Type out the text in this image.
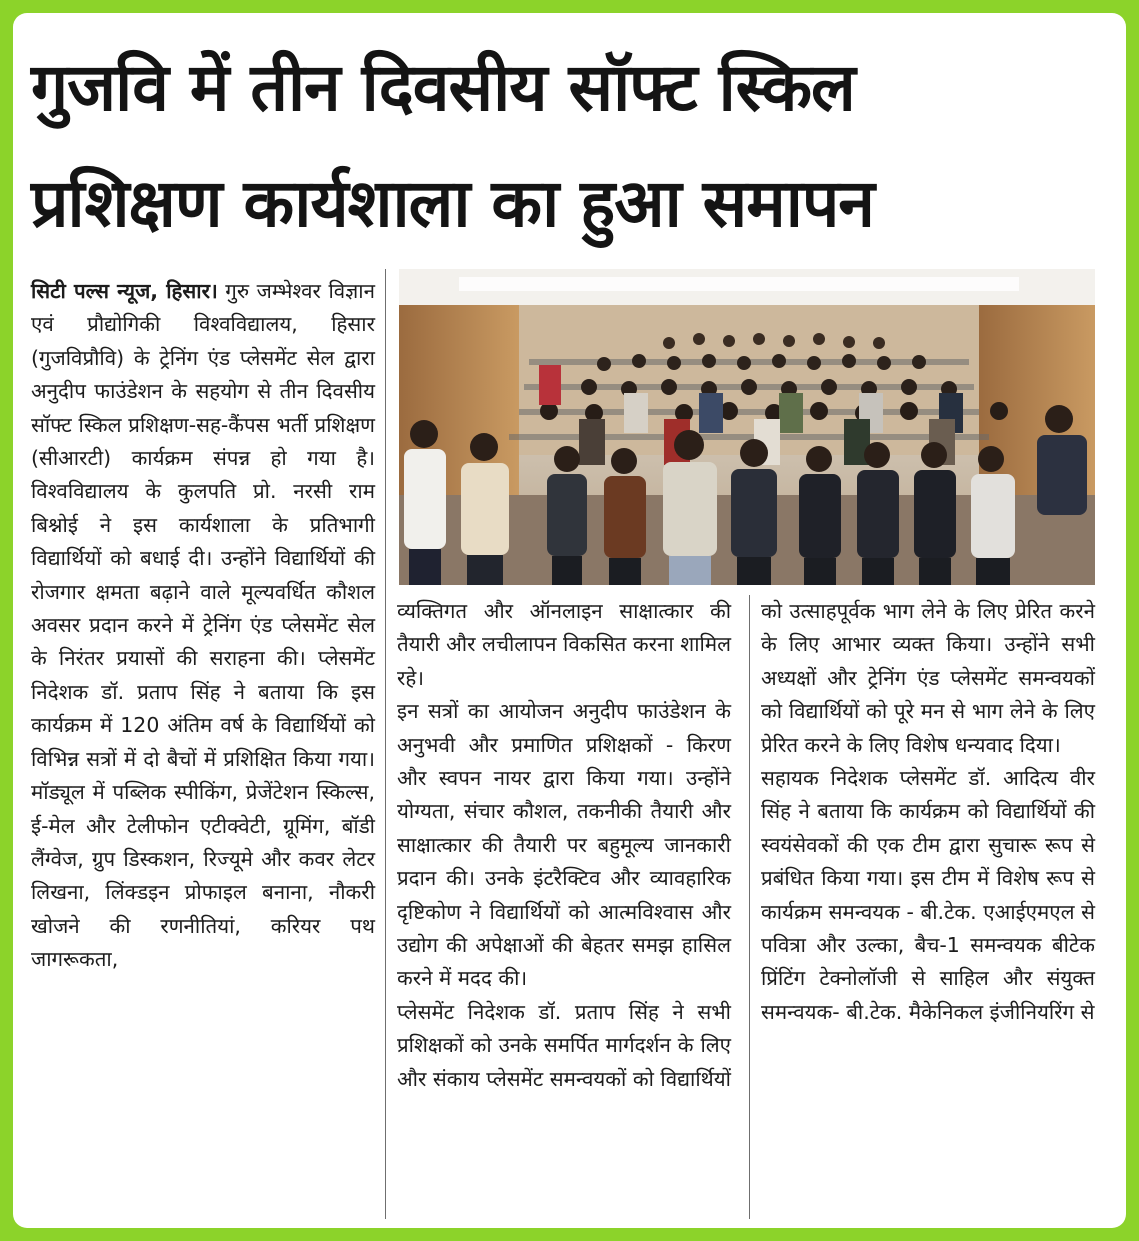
गुजवि में तीन दिवसीय सॉफ्ट स्किल
प्रशिक्षण कार्यशाला का हुआ समापन

सिटी पल्स न्यूज, हिसार। गुरु जम्भेश्वर विज्ञान एवं प्रौद्योगिकी विश्वविद्यालय, हिसार (गुजविप्रौवि) के ट्रेनिंग एंड प्लेसमेंट सेल द्वारा अनुदीप फाउंडेशन के सहयोग से तीन दिवसीय सॉफ्ट स्किल प्रशिक्षण-सह-कैंपस भर्ती प्रशिक्षण (सीआरटी) कार्यक्रम संपन्न हो गया है। विश्वविद्यालय के कुलपति प्रो. नरसी राम बिश्नोई ने इस कार्यशाला के प्रतिभागी विद्यार्थियों को बधाई दी। उन्होंने विद्यार्थियों की रोजगार क्षमता बढ़ाने वाले मूल्यवर्धित कौशल अवसर प्रदान करने में ट्रेनिंग एंड प्लेसमेंट सेल के निरंतर प्रयासों की सराहना की। प्लेसमेंट निदेशक डॉ. प्रताप सिंह ने बताया कि इस कार्यक्रम में 120 अंतिम वर्ष के विद्यार्थियों को विभिन्न सत्रों में दो बैचों में प्रशिक्षित किया गया। मॉड्यूल में पब्लिक स्पीकिंग, प्रेजेंटेशन स्किल्स, ई-मेल और टेलीफोन एटीक्वेटी, ग्रूमिंग, बॉडी लैंग्वेज, ग्रुप डिस्कशन, रिज्यूमे और कवर लेटर लिखना, लिंक्डइन प्रोफाइल बनाना, नौकरी खोजने की रणनीतियां, करियर पथ जागरूकता,

व्यक्तिगत और ऑनलाइन साक्षात्कार की तैयारी और लचीलापन विकसित करना शामिल रहे।

इन सत्रों का आयोजन अनुदीप फाउंडेशन के अनुभवी और प्रमाणित प्रशिक्षकों - किरण और स्वपन नायर द्वारा किया गया। उन्होंने योग्यता, संचार कौशल, तकनीकी तैयारी और साक्षात्कार की तैयारी पर बहुमूल्य जानकारी प्रदान की। उनके इंटरैक्टिव और व्यावहारिक दृष्टिकोण ने विद्यार्थियों को आत्मविश्वास और उद्योग की अपेक्षाओं की बेहतर समझ हासिल करने में मदद की।

प्लेसमेंट निदेशक डॉ. प्रताप सिंह ने सभी प्रशिक्षकों को उनके समर्पित मार्गदर्शन के लिए और संकाय प्लेसमेंट समन्वयकों को विद्यार्थियों

को उत्साहपूर्वक भाग लेने के लिए प्रेरित करने के लिए आभार व्यक्त किया। उन्होंने सभी अध्यक्षों और ट्रेनिंग एंड प्लेसमेंट समन्वयकों को विद्यार्थियों को पूरे मन से भाग लेने के लिए प्रेरित करने के लिए विशेष धन्यवाद दिया।

सहायक निदेशक प्लेसमेंट डॉ. आदित्य वीर सिंह ने बताया कि कार्यक्रम को विद्यार्थियों की स्वयंसेवकों की एक टीम द्वारा सुचारू रूप से प्रबंधित किया गया। इस टीम में विशेष रूप से कार्यक्रम समन्वयक - बी.टेक. एआईएमएल से पवित्रा और उल्का, बैच-1 समन्वयक बीटेक प्रिंटिंग टेक्नोलॉजी से साहिल और संयुक्त समन्वयक- बी.टेक. मैकेनिकल इंजीनियरिंग से
